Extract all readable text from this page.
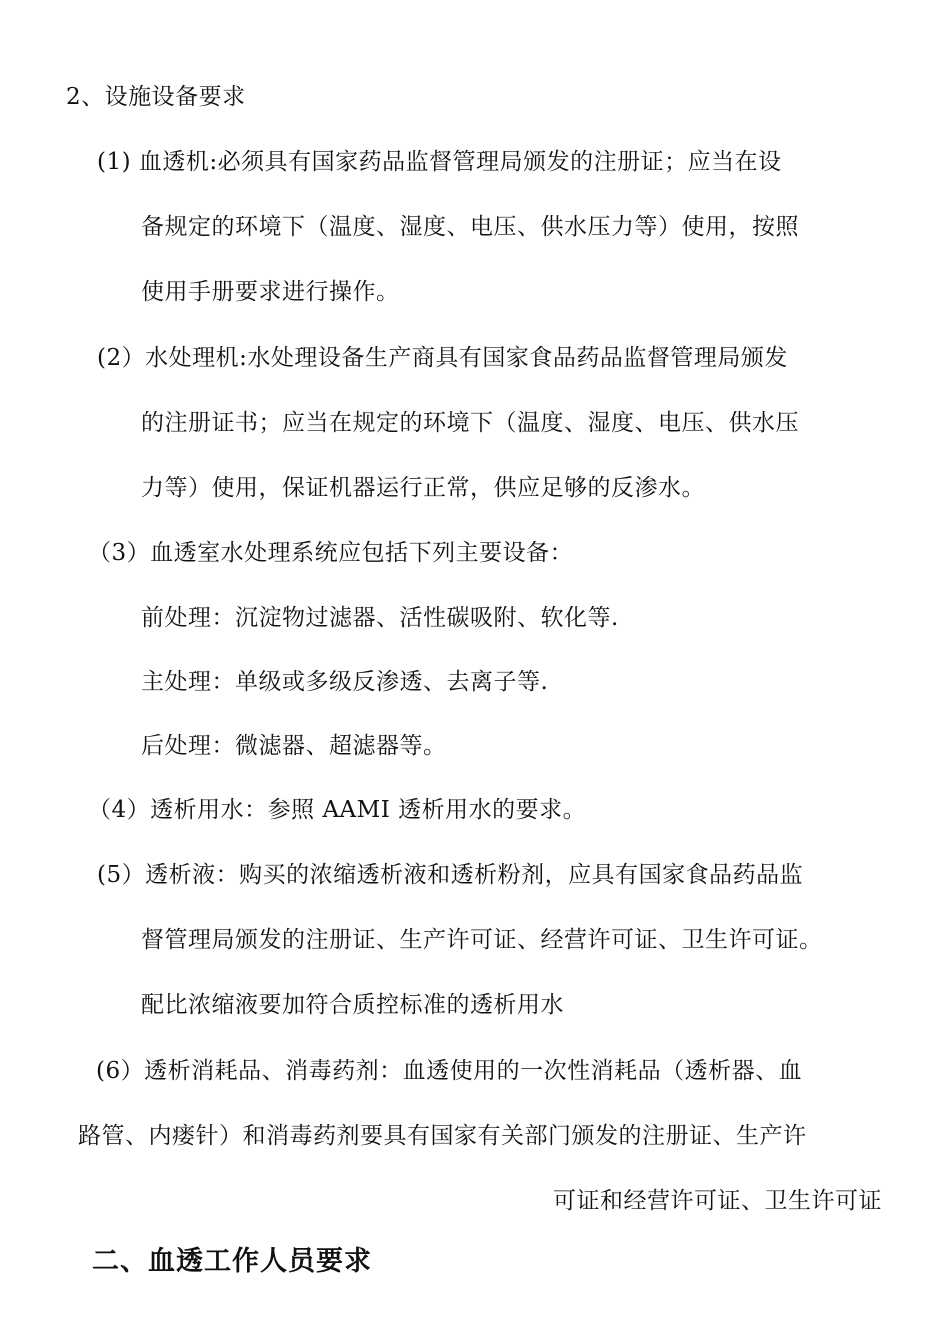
2、设施设备要求
(1) 血透机:必须具有国家药品监督管理局颁发的注册证；应当在设
备规定的环境下（温度、湿度、电压、供水压力等）使用，按照
使用手册要求进行操作。
(2）水处理机:水处理设备生产商具有国家食品药品监督管理局颁发
的注册证书；应当在规定的环境下（温度、湿度、电压、供水压
力等）使用，保证机器运行正常，供应足够的反渗水。
（3）血透室水处理系统应包括下列主要设备：
前处理：沉淀物过滤器、活性碳吸附、软化等.
主处理：单级或多级反渗透、去离子等.
后处理：微滤器、超滤器等。
（4）透析用水：参照 AAMI 透析用水的要求。
(5）透析液：购买的浓缩透析液和透析粉剂，应具有国家食品药品监
督管理局颁发的注册证、生产许可证、经营许可证、卫生许可证。
配比浓缩液要加符合质控标准的透析用水
(6）透析消耗品、消毒药剂：血透使用的一次性消耗品（透析器、血
路管、内瘘针）和消毒药剂要具有国家有关部门颁发的注册证、生产许
可证和经营许可证、卫生许可证
二、血透工作人员要求
